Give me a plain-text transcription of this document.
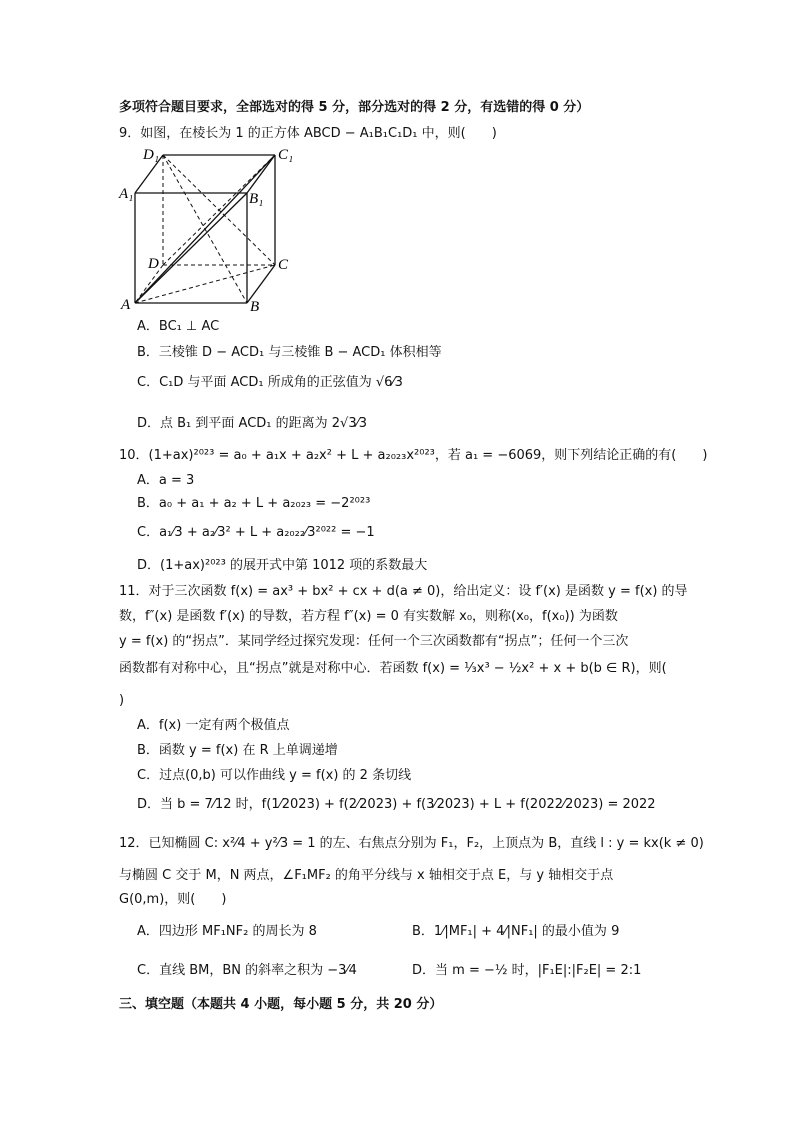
多项符合题目要求，全部选对的得 5 分，部分选对的得 2 分，有选错的得 0 分）
9．如图，在棱长为 1 的正方体 ABCD − A₁B₁C₁D₁ 中，则(　　)
D₁	C₁
A₁	B₁
D	C
A	B
A．BC₁ ⊥ AC
B．三棱锥 D − ACD₁ 与三棱锥 B − ACD₁ 体积相等
C．C₁D 与平面 ACD₁ 所成角的正弦值为 √6⁄3
D．点 B₁ 到平面 ACD₁ 的距离为 2√3⁄3
10．(1+ax)²⁰²³ = a₀ + a₁x + a₂x² + L + a₂₀₂₃x²⁰²³，若 a₁ = −6069，则下列结论正确的有(　　)
A．a = 3
B．a₀ + a₁ + a₂ + L + a₂₀₂₃ = −2²⁰²³
C．a₁⁄3 + a₂⁄3² + L + a₂₀₂₂⁄3²⁰²² = −1
D．(1+ax)²⁰²³ 的展开式中第 1012 项的系数最大
11．对于三次函数 f(x) = ax³ + bx² + cx + d(a ≠ 0)，给出定义：设 f′(x) 是函数 y = f(x) 的导
数，f″(x) 是函数 f′(x) 的导数，若方程 f″(x) = 0 有实数解 x₀，则称(x₀，f(x₀)) 为函数
y = f(x) 的“拐点”．某同学经过探究发现：任何一个三次函数都有“拐点”；任何一个三次
函数都有对称中心，且“拐点”就是对称中心．若函数 f(x) = ⅓x³ − ½x² + x + b(b ∈ R)，则(
)
A．f(x) 一定有两个极值点
B．函数 y = f(x) 在 R 上单调递增
C．过点(0,b) 可以作曲线 y = f(x) 的 2 条切线
D．当 b = 7⁄12 时，f(1⁄2023) + f(2⁄2023) + f(3⁄2023) + L + f(2022⁄2023) = 2022
12．已知椭圆 C: x²⁄4 + y²⁄3 = 1 的左、右焦点分别为 F₁，F₂，上顶点为 B，直线 l : y = kx(k ≠ 0)
与椭圆 C 交于 M，N 两点，∠F₁MF₂ 的角平分线与 x 轴相交于点 E，与 y 轴相交于点
G(0,m)，则(　　)
A．四边形 MF₁NF₂ 的周长为 8	B．1⁄|MF₁| + 4⁄|NF₁| 的最小值为 9
C．直线 BM，BN 的斜率之积为 −3⁄4	D．当 m = −½ 时，|F₁E|:|F₂E| = 2:1
三、填空题（本题共 4 小题，每小题 5 分，共 20 分）
